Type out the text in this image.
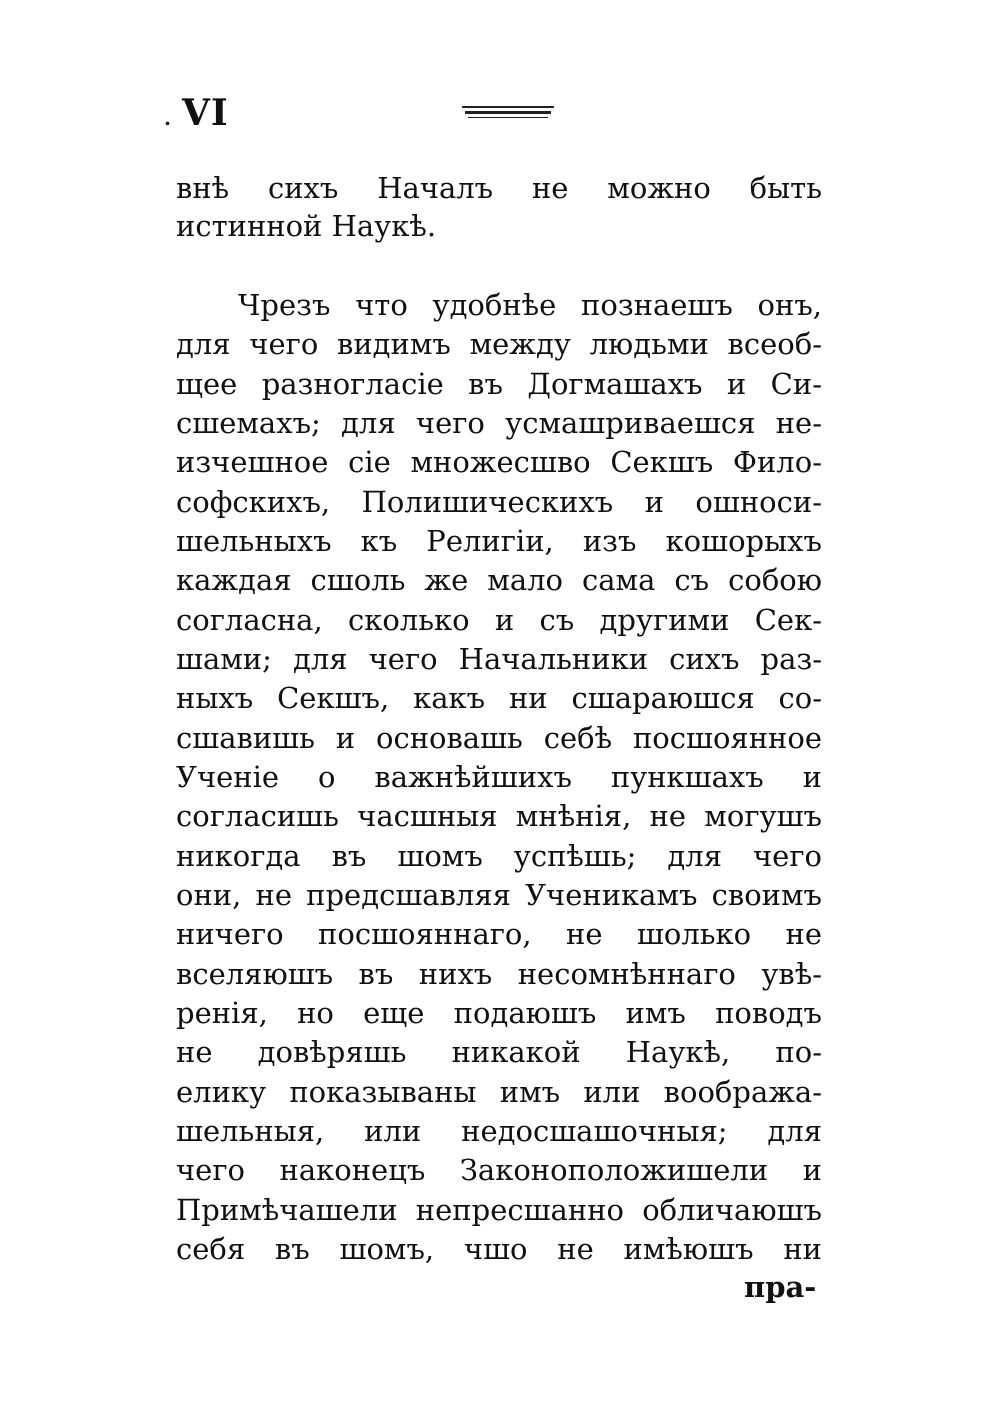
. VI
внѣ сихъ Началъ не можно быть
истинной Наукѣ.
Чрезъ что удобнѣе познаешъ онъ,
для чего видимъ между людьми всеоб-
щее разногласіе въ Догмашахъ и Си-
сшемахъ; для чего усмашриваешся не-
изчешное сіе множесшво Секшъ Фило-
софскихъ, Полишическихъ и ошноси-
шельныхъ къ Религіи, изъ кошорыхъ
каждая сшоль же мало сама съ собою
согласна, сколько и съ другими Сек-
шами; для чего Начальники сихъ раз-
ныхъ Секшъ, какъ ни сшараюшся со-
сшавишь и основашь себѣ посшоянное
Ученіе о важнѣйшихъ пункшахъ и
согласишь часшныя мнѣнія, не могушъ
никогда въ шомъ успѣшь; для чего
они, не предсшавляя Ученикамъ своимъ
ничего посшояннаго, не шолько не
вселяюшъ въ нихъ несомнѣннаго увѣ-
ренія, но еще подаюшъ имъ поводъ
не довѣряшь никакой Наукѣ, по-
елику показываны имъ или вообража-
шельныя, или недосшашочныя; для
чего наконецъ Законоположишели и
Примѣчашели непресшанно обличаюшъ
себя въ шомъ, чшо не имѣюшъ ни
пра-
